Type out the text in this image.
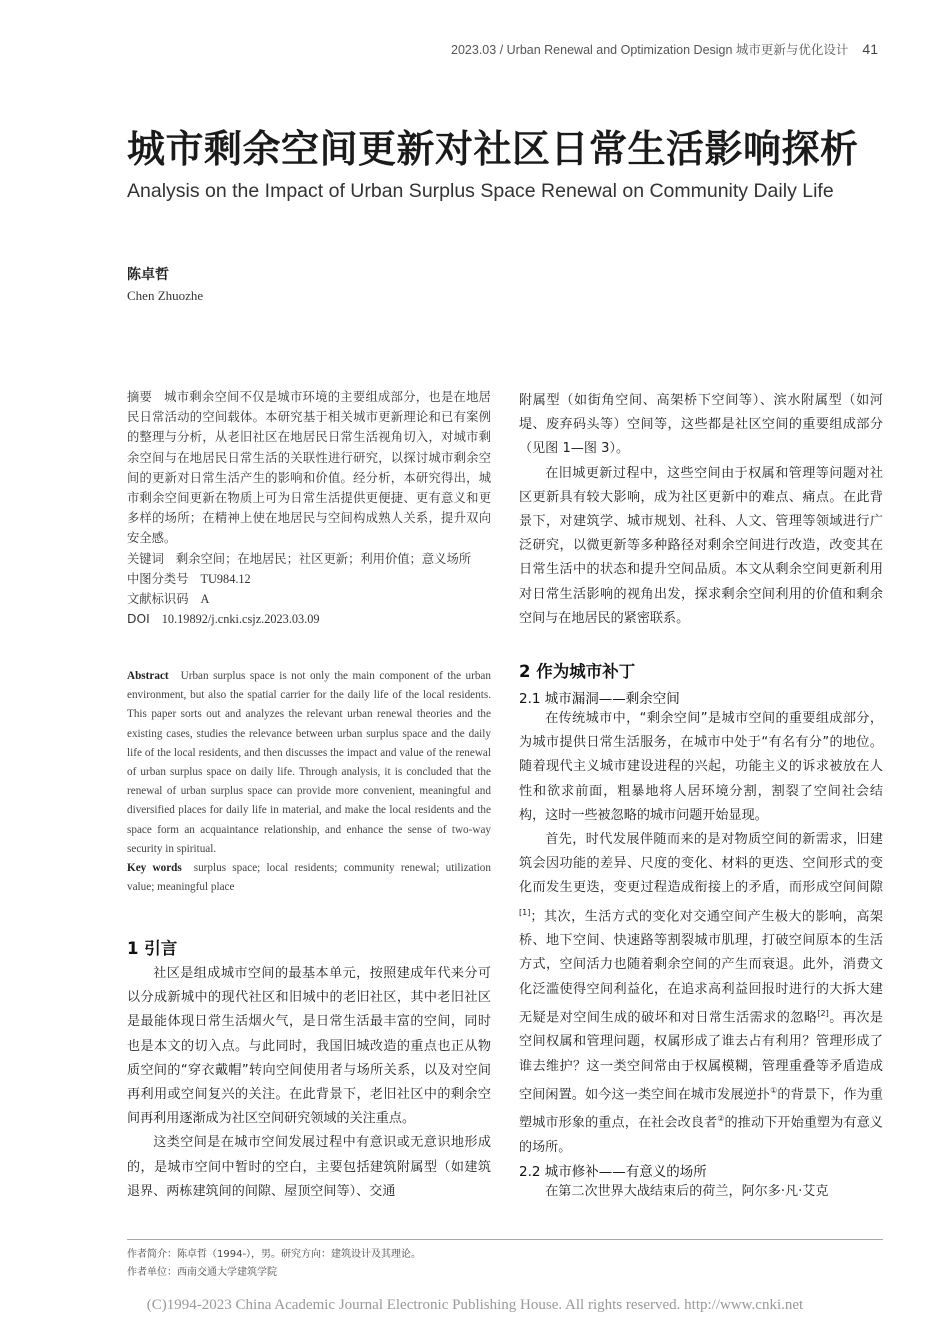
2023.03 / Urban Renewal and Optimization Design 城市更新与优化设计 41
城市剩余空间更新对社区日常生活影响探析
Analysis on the Impact of Urban Surplus Space Renewal on Community Daily Life
陈卓哲
Chen Zhuozhe
摘要 城市剩余空间不仅是城市环境的主要组成部分，也是在地居民日常活动的空间载体。本研究基于相关城市更新理论和已有案例的整理与分析，从老旧社区在地居民日常生活视角切入，对城市剩余空间与在地居民日常生活的关联性进行研究，以探讨城市剩余空间的更新对日常生活产生的影响和价值。经分析，本研究得出，城市剩余空间更新在物质上可为日常生活提供更便捷、更有意义和更多样的场所；在精神上使在地居民与空间构成熟人关系，提升双向安全感。
关键词 剩余空间；在地居民；社区更新；利用价值；意义场所
中图分类号 TU984.12
文献标识码 A
DOI 10.19892/j.cnki.csjz.2023.03.09
Abstract Urban surplus space is not only the main component of the urban environment, but also the spatial carrier for the daily life of the local residents. This paper sorts out and analyzes the relevant urban renewal theories and the existing cases, studies the relevance between urban surplus space and the daily life of the local residents, and then discusses the impact and value of the renewal of urban surplus space on daily life. Through analysis, it is concluded that the renewal of urban surplus space can provide more convenient, meaningful and diversified places for daily life in material, and make the local residents and the space form an acquaintance relationship, and enhance the sense of two-way security in spiritual.
Key words surplus space; local residents; community renewal; utilization value; meaningful place

1 引言

社区是组成城市空间的最基本单元，按照建成年代来分可以分成新城中的现代社区和旧城中的老旧社区，其中老旧社区是最能体现日常生活烟火气，是日常生活最丰富的空间，同时也是本文的切入点。与此同时，我国旧城改造的重点也正从物质空间的“穿衣戴帽”转向空间使用者与场所关系，以及对空间再利用或空间复兴的关注。在此背景下，老旧社区中的剩余空间再利用逐渐成为社区空间研究领域的关注重点。

这类空间是在城市空间发展过程中有意识或无意识地形成的，是城市空间中暂时的空白，主要包括建筑附属型（如建筑退界、两栋建筑间的间隙、屋顶空间等）、交通

附属型（如街角空间、高架桥下空间等）、滨水附属型（如河堤、废弃码头等）空间等，这些都是社区空间的重要组成部分（见图 1—图 3）。

在旧城更新过程中，这些空间由于权属和管理等问题对社区更新具有较大影响，成为社区更新中的难点、痛点。在此背景下，对建筑学、城市规划、社科、人文、管理等领域进行广泛研究，以微更新等多种路径对剩余空间进行改造，改变其在日常生活中的状态和提升空间品质。本文从剩余空间更新利用对日常生活影响的视角出发，探求剩余空间利用的价值和剩余空间与在地居民的紧密联系。

2 作为城市补丁

2.1 城市漏洞——剩余空间

在传统城市中，“剩余空间”是城市空间的重要组成部分，为城市提供日常生活服务，在城市中处于“有名有分”的地位。随着现代主义城市建设进程的兴起，功能主义的诉求被放在人性和欲求前面，粗暴地将人居环境分割，割裂了空间社会结构，这时一些被忽略的城市问题开始显现。

首先，时代发展伴随而来的是对物质空间的新需求，旧建筑会因功能的差异、尺度的变化、材料的更迭、空间形式的变化而发生更迭，变更过程造成衔接上的矛盾，而形成空间间隙[1]；其次，生活方式的变化对交通空间产生极大的影响，高架桥、地下空间、快速路等割裂城市肌理，打破空间原本的生活方式，空间活力也随着剩余空间的产生而衰退。此外，消费文化泛滥使得空间利益化，在追求高利益回报时进行的大拆大建无疑是对空间生成的破坏和对日常生活需求的忽略[2]。再次是空间权属和管理问题，权属形成了谁去占有利用？管理形成了谁去维护？这一类空间常由于权属模糊，管理重叠等矛盾造成空间闲置。如今这一类空间在城市发展逆扑①的背景下，作为重塑城市形象的重点，在社会改良者②的推动下开始重塑为有意义的场所。

2.2 城市修补——有意义的场所

在第二次世界大战结束后的荷兰，阿尔多·凡·艾克

作者简介：陈卓哲（1994-），男。研究方向：建筑设计及其理论。
作者单位：西南交通大学建筑学院
(C)1994-2023 China Academic Journal Electronic Publishing House. All rights reserved. http://www.cnki.net
